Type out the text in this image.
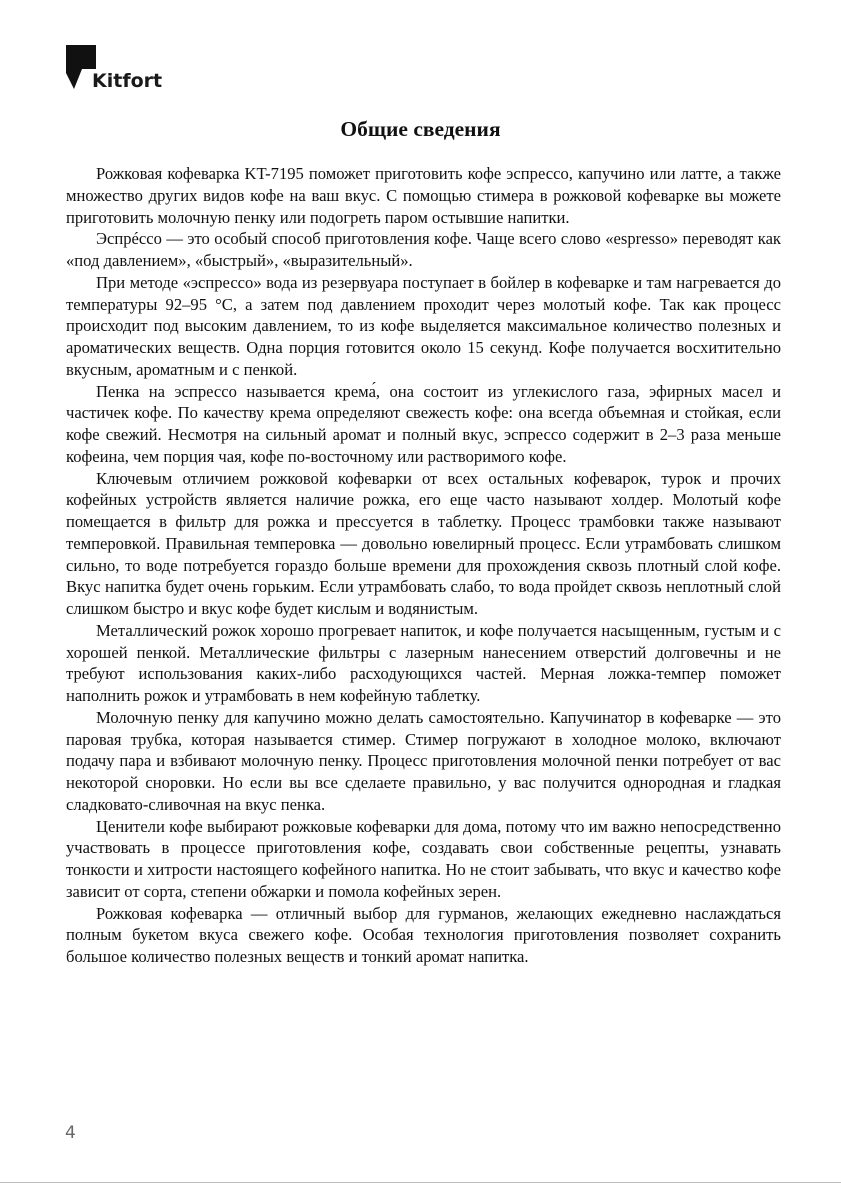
Kitfort
Общие сведения

Рожковая кофеварка KT-7195 поможет приготовить кофе эспрессо, капучино или латте, а также множество других видов кофе на ваш вкус. С помощью стимера в рожковой кофеварке вы можете приготовить молочную пенку или подогреть паром остывшие напитки.

Эспрéссо — это особый способ приготовления кофе. Чаще всего слово «espresso» переводят как «под давлением», «быстрый», «выразительный».

При методе «эспрессо» вода из резервуара поступает в бойлер в кофеварке и там нагревается до температуры 92–95 °C, а затем под давлением проходит через молотый кофе. Так как процесс происходит под высоким давлением, то из кофе выделяется максимальное количество полезных и ароматических веществ. Одна порция готовится около 15 секунд. Кофе получается восхитительно вкусным, ароматным и с пенкой.

Пенка на эспрессо называется крема́, она состоит из углекислого газа, эфирных масел и частичек кофе. По качеству крема определяют свежесть кофе: она всегда объемная и стойкая, если кофе свежий. Несмотря на сильный аромат и полный вкус, эспрессо содержит в 2–3 раза меньше кофеина, чем порция чая, кофе по-восточному или растворимого кофе.

Ключевым отличием рожковой кофеварки от всех остальных кофеварок, турок и прочих кофейных устройств является наличие рожка, его еще часто называют холдер. Молотый кофе помещается в фильтр для рожка и прессуется в таблетку. Процесс трамбовки также называют темперовкой. Правильная темперовка — довольно ювелирный процесс. Если утрамбовать слишком сильно, то воде потребуется гораздо больше времени для прохождения сквозь плотный слой кофе. Вкус напитка будет очень горьким. Если утрамбовать слабо, то вода пройдет сквозь неплотный слой слишком быстро и вкус кофе будет кислым и водянистым.

Металлический рожок хорошо прогревает напиток, и кофе получается насыщенным, густым и с хорошей пенкой. Металлические фильтры с лазерным нанесением отверстий долговечны и не требуют использования каких-либо расходующихся частей. Мерная ложка-темпер поможет наполнить рожок и утрамбовать в нем кофейную таблетку.

Молочную пенку для капучино можно делать самостоятельно. Капучинатор в кофеварке — это паровая трубка, которая называется стимер. Стимер погружают в холодное молоко, включают подачу пара и взбивают молочную пенку. Процесс приготовления молочной пенки потребует от вас некоторой сноровки. Но если вы все сделаете правильно, у вас получится однородная и гладкая сладковато-сливочная на вкус пенка.

Ценители кофе выбирают рожковые кофеварки для дома, потому что им важно непосредственно участвовать в процессе приготовления кофе, создавать свои собственные рецепты, узнавать тонкости и хитрости настоящего кофейного напитка. Но не стоит забывать, что вкус и качество кофе зависит от сорта, степени обжарки и помола кофейных зерен.

Рожковая кофеварка — отличный выбор для гурманов, желающих ежедневно наслаждаться полным букетом вкуса свежего кофе. Особая технология приготовления позволяет сохранить большое количество полезных веществ и тонкий аромат напитка.

4
